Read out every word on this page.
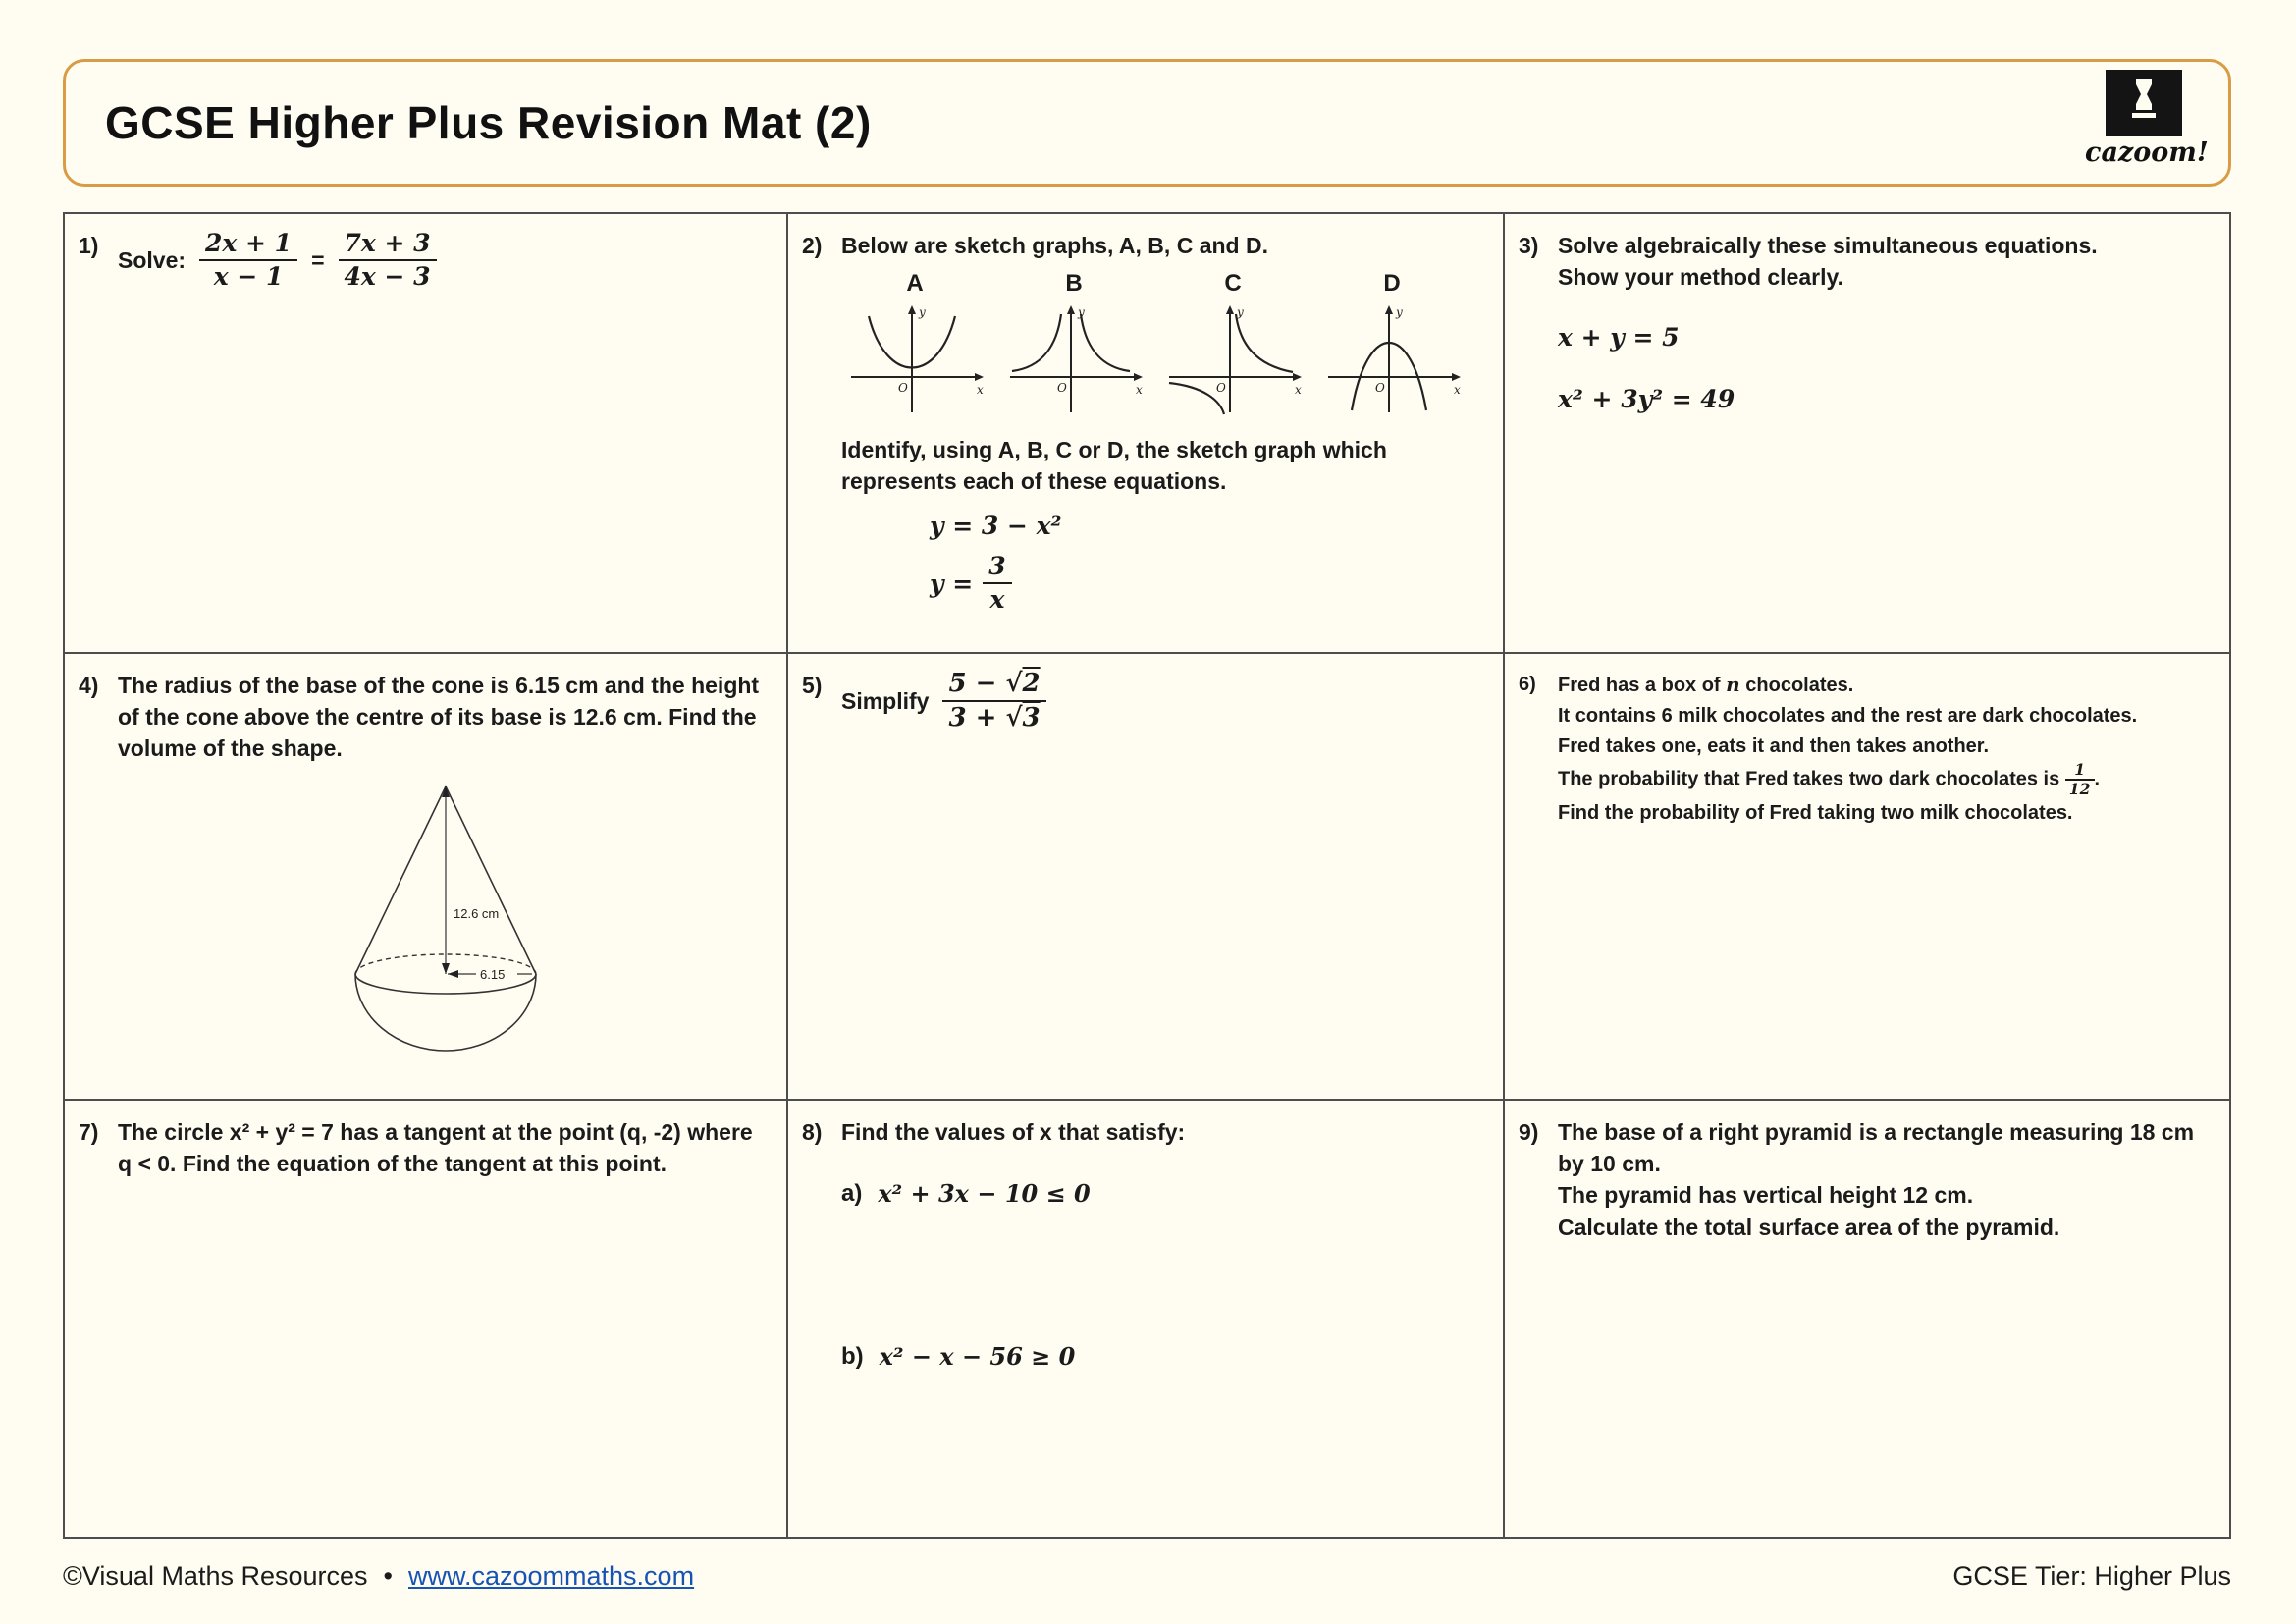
GCSE Higher Plus Revision Mat (2)
cazoom!
1)
Solve: $\frac{2x + 1}{x - 1} = \frac{7x + 3}{4x - 3}$	2) Below are sketch graphs, A, B, C and D.
A
y
x
O
B
y
x
O
C
y
x
O
D
y
x
O
Identify, using A, B, C or D, the sketch graph which represents each of these equations.
y = 3 − x²
$y = \frac{3}{x}$
3) Solve algebraically these simultaneous equations.
Show your method clearly.
x + y = 5
x² + 3y² = 49
4) The radius of the base of the cone is 6.15 cm and the height of the cone above the centre of its base is 12.6 cm. Find the volume of the shape.
12.6 cm
6.15
5)
Simplify $\frac{5 - √2}{3 + √3}$	6)	Fred has a box of n chocolates.
It contains 6 milk chocolates and the rest are dark chocolates.
Fred takes one, eats it and then takes another.
The probability that Fred takes two dark chocolates is $\frac{1}{12}$ .
Find the probability of Fred taking two milk chocolates.
7) The circle x² + y² = 7 has a tangent at the point (q, -2) where q < 0. Find the equation of the tangent at this point.
8) Find the values of x that satisfy:
a) x² + 3x − 10 ≤ 0
b) x² − x − 56 ≥ 0
9) The base of a right pyramid is a rectangle measuring 18 cm by 10 cm.
The pyramid has vertical height 12 cm.
Calculate the total surface area of the pyramid.
©Visual Maths Resources • www.cazoommaths.com	GCSE Tier: Higher Plus
